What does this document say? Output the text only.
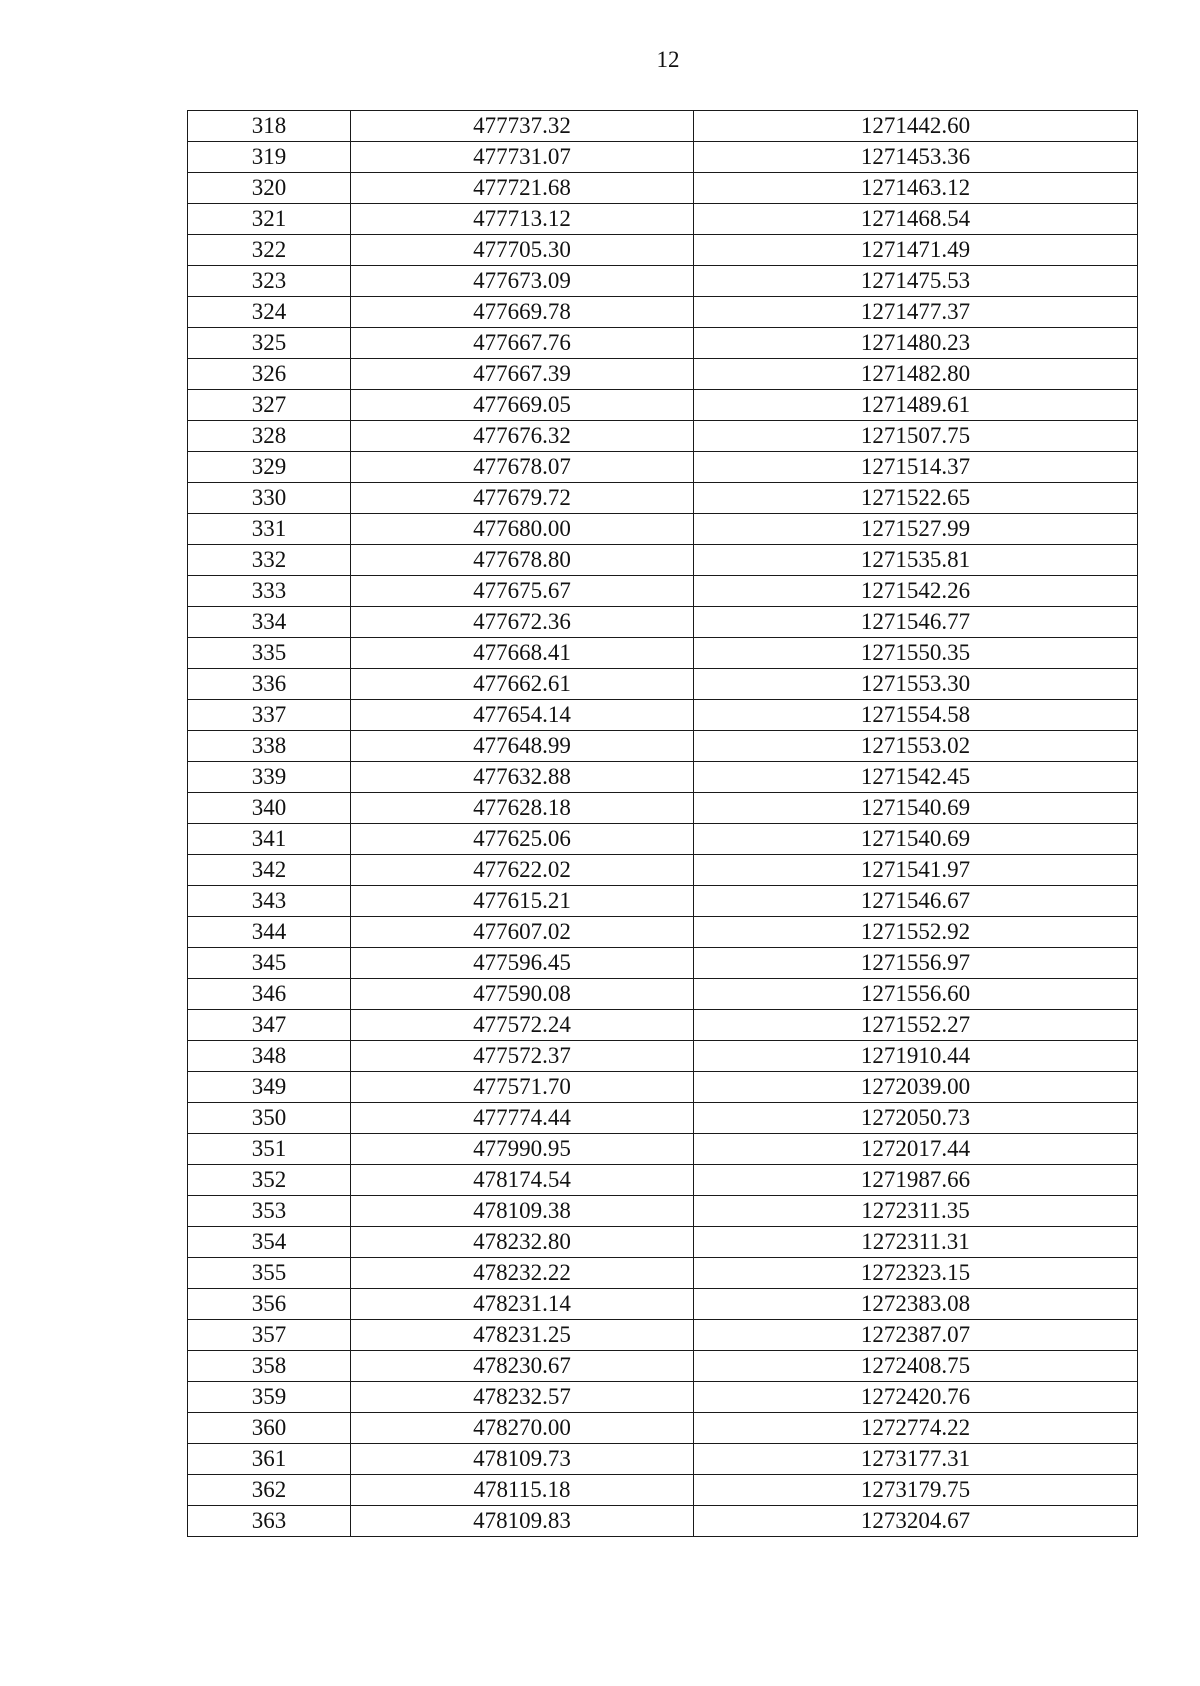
12
318	477737.32	1271442.60
319	477731.07	1271453.36
320	477721.68	1271463.12
321	477713.12	1271468.54
322	477705.30	1271471.49
323	477673.09	1271475.53
324	477669.78	1271477.37
325	477667.76	1271480.23
326	477667.39	1271482.80
327	477669.05	1271489.61
328	477676.32	1271507.75
329	477678.07	1271514.37
330	477679.72	1271522.65
331	477680.00	1271527.99
332	477678.80	1271535.81
333	477675.67	1271542.26
334	477672.36	1271546.77
335	477668.41	1271550.35
336	477662.61	1271553.30
337	477654.14	1271554.58
338	477648.99	1271553.02
339	477632.88	1271542.45
340	477628.18	1271540.69
341	477625.06	1271540.69
342	477622.02	1271541.97
343	477615.21	1271546.67
344	477607.02	1271552.92
345	477596.45	1271556.97
346	477590.08	1271556.60
347	477572.24	1271552.27
348	477572.37	1271910.44
349	477571.70	1272039.00
350	477774.44	1272050.73
351	477990.95	1272017.44
352	478174.54	1271987.66
353	478109.38	1272311.35
354	478232.80	1272311.31
355	478232.22	1272323.15
356	478231.14	1272383.08
357	478231.25	1272387.07
358	478230.67	1272408.75
359	478232.57	1272420.76
360	478270.00	1272774.22
361	478109.73	1273177.31
362	478115.18	1273179.75
363	478109.83	1273204.67
